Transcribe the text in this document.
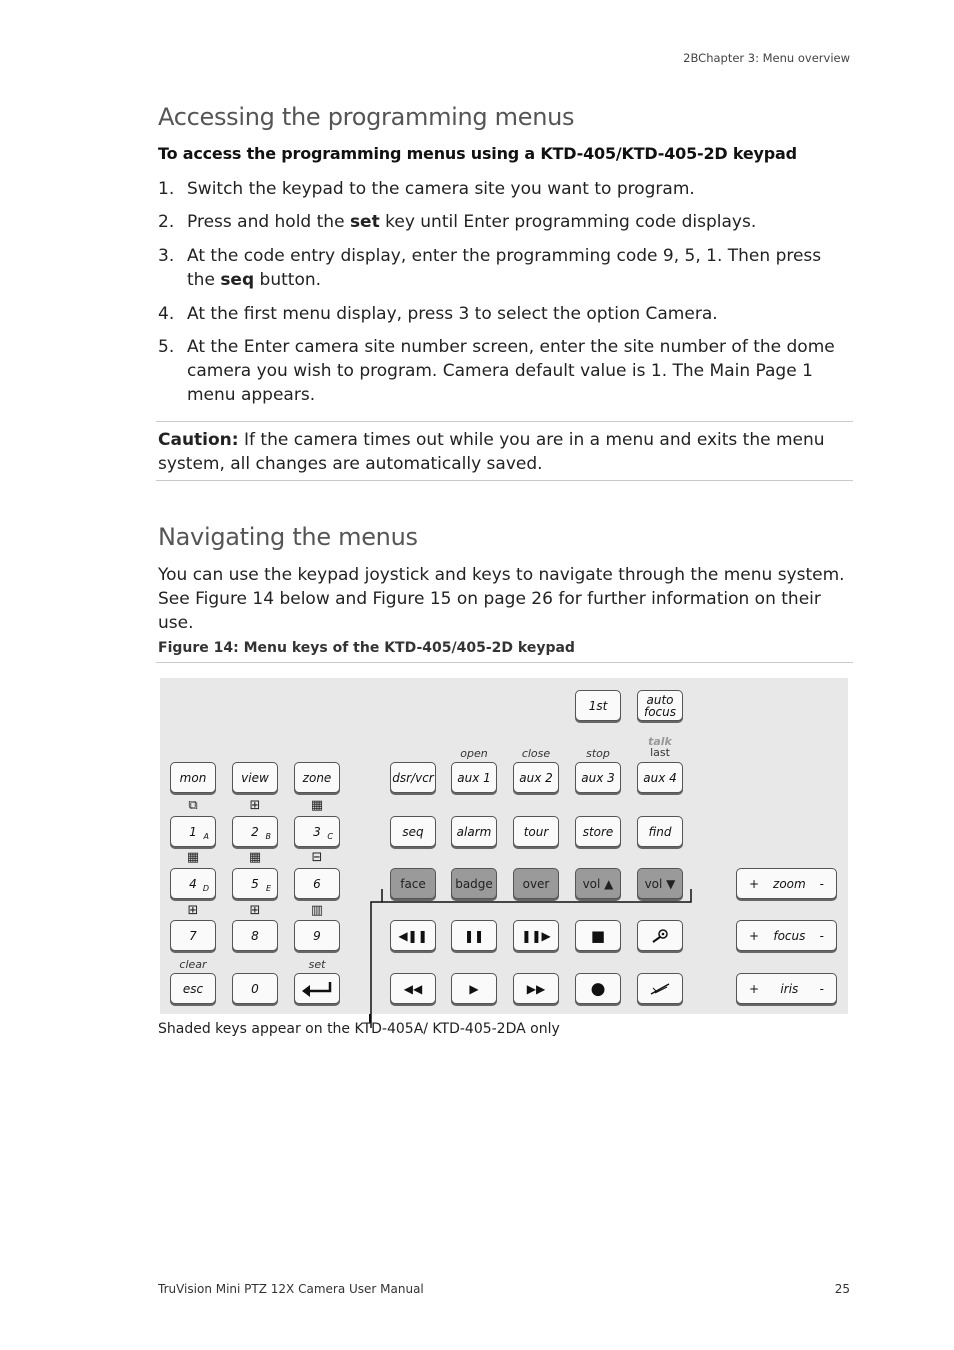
2BChapter 3: Menu overview
Accessing the programming menus
To access the programming menus using a KTD-405/KTD-405-2D keypad
1. Switch the keypad to the camera site you want to program.
2. Press and hold the set key until Enter programming code displays.
3. At the code entry display, enter the programming code 9, 5, 1. Then press the seq button.
4. At the first menu display, press 3 to select the option Camera.
5. At the Enter camera site number screen, enter the site number of the dome camera you wish to program. Camera default value is 1. The Main Page 1 menu appears.
Caution: If the camera times out while you are in a menu and exits the menu system, all changes are automatically saved.
Navigating the menus
You can use the keypad joystick and keys to navigate through the menu system. See Figure 14 below and Figure 15 on page 26 for further information on their use.
Figure 14: Menu keys of the KTD-405/405-2D keypad
mon	view	zone
⧉	⊞	▦
1 A	2 B	3 C
▦	▦	⊟
4 D	5 E	6
⊞	⊞	▥
7	8	9
clear	set
esc	0
1st	auto
focus
open	close	stop
talk
last
dsr/vcr	aux 1	aux 2	aux 3	aux 4
seq	alarm	tour	store	find
face	badge	over	vol ▲	vol ▼
◀❚❚	❚❚	❚❚▶	■
◀◀	▶	▶▶	●
+ zoom -
+ focus -
+ iris -
Shaded keys appear on the KTD-405A/ KTD-405-2DA only
TruVision Mini PTZ 12X Camera User Manual	25
